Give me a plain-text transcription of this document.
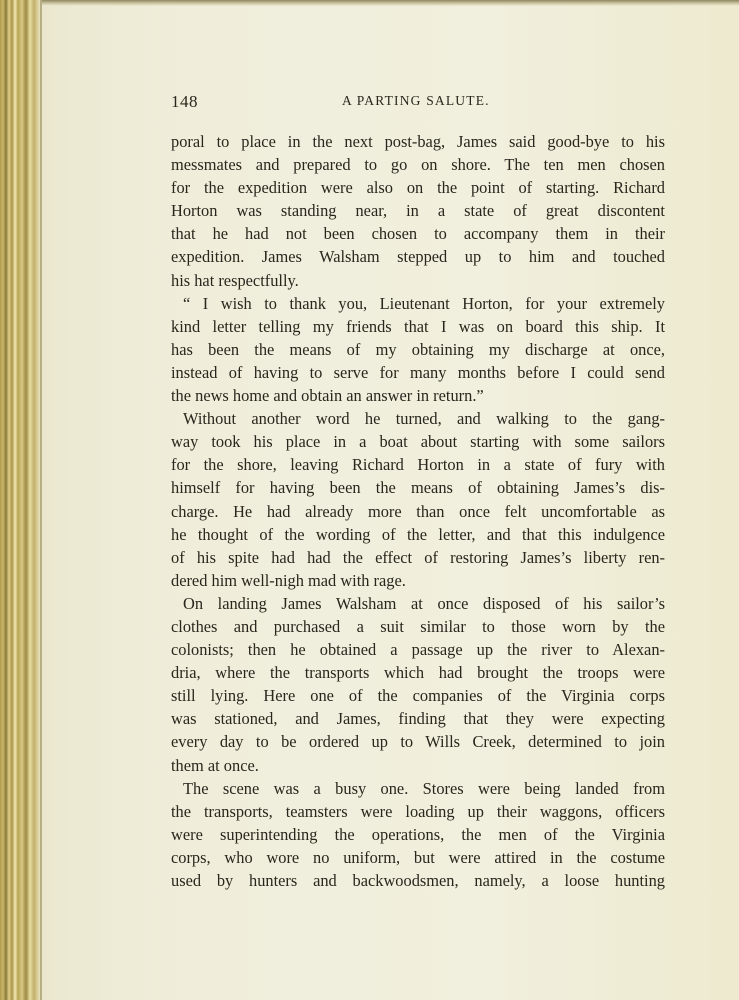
148	A PARTING SALUTE.
poral to place in the next post-bag, James said good-bye to his
messmates and prepared to go on shore. The ten men chosen
for the expedition were also on the point of starting. Richard
Horton was standing near, in a state of great discontent
that he had not been chosen to accompany them in their
expedition. James Walsham stepped up to him and touched
his hat respectfully.
“ I wish to thank you, Lieutenant Horton, for your extremely
kind letter telling my friends that I was on board this ship. It
has been the means of my obtaining my discharge at once,
instead of having to serve for many months before I could send
the news home and obtain an answer in return.”
Without another word he turned, and walking to the gang-
way took his place in a boat about starting with some sailors
for the shore, leaving Richard Horton in a state of fury with
himself for having been the means of obtaining James’s dis-
charge. He had already more than once felt uncomfortable as
he thought of the wording of the letter, and that this indulgence
of his spite had had the effect of restoring James’s liberty ren-
dered him well-nigh mad with rage.
On landing James Walsham at once disposed of his sailor’s
clothes and purchased a suit similar to those worn by the
colonists; then he obtained a passage up the river to Alexan-
dria, where the transports which had brought the troops were
still lying. Here one of the companies of the Virginia corps
was stationed, and James, finding that they were expecting
every day to be ordered up to Wills Creek, determined to join
them at once.
The scene was a busy one. Stores were being landed from
the transports, teamsters were loading up their waggons, officers
were superintending the operations, the men of the Virginia
corps, who wore no uniform, but were attired in the costume
used by hunters and backwoodsmen, namely, a loose hunting
